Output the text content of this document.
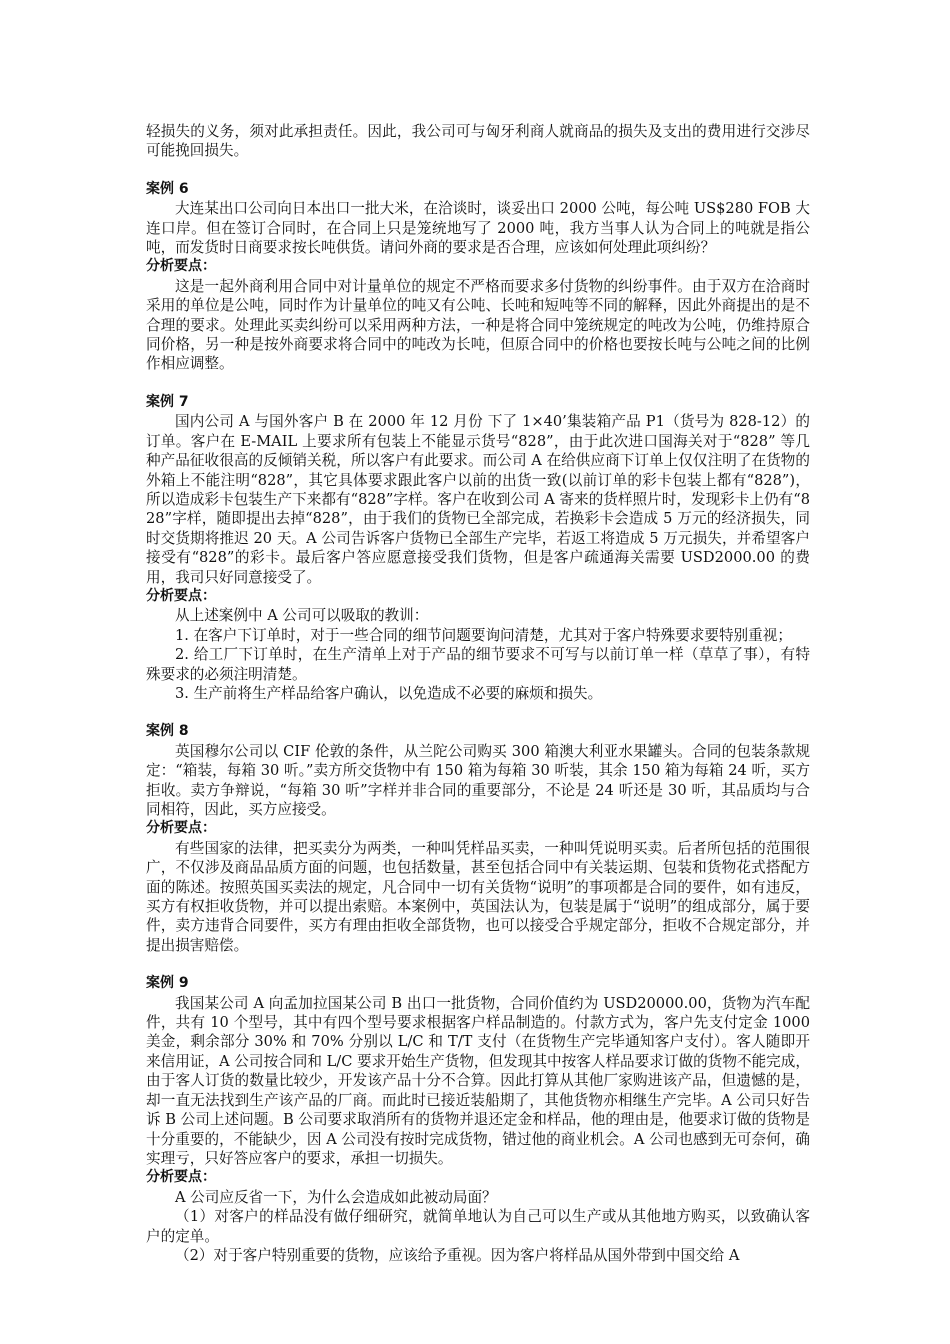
轻损失的义务，须对此承担责任。因此，我公司可与匈牙利商人就商品的损失及支出的费用进行交涉尽可能挽回损失。

案例 6

大连某出口公司向日本出口一批大米，在洽谈时，谈妥出口 2000 公吨，每公吨 US$280 FOB 大连口岸。但在签订合同时，在合同上只是笼统地写了 2000 吨，我方当事人认为合同上的吨就是指公吨，而发货时日商要求按长吨供货。请问外商的要求是否合理，应该如何处理此项纠纷？

分析要点：

这是一起外商利用合同中对计量单位的规定不严格而要求多付货物的纠纷事件。由于双方在洽商时采用的单位是公吨，同时作为计量单位的吨又有公吨、长吨和短吨等不同的解释，因此外商提出的是不合理的要求。处理此买卖纠纷可以采用两种方法，一种是将合同中笼统规定的吨改为公吨，仍维持原合同价格，另一种是按外商要求将合同中的吨改为长吨，但原合同中的价格也要按长吨与公吨之间的比例作相应调整。

案例 7

国内公司 A 与国外客户 B 在 2000 年 12 月份 下了 1×40’集装箱产品 P1（货号为 828-12）的订单。客户在 E-MAIL 上要求所有包装上不能显示货号“828”，由于此次进口国海关对于“828” 等几种产品征收很高的反倾销关税，所以客户有此要求。而公司 A 在给供应商下订单上仅仅注明了在货物的外箱上不能注明“828”，其它具体要求跟此客户以前的出货一致(以前订单的彩卡包装上都有“828”)，所以造成彩卡包装生产下来都有“828”字样。客户在收到公司 A 寄来的货样照片时，发现彩卡上仍有“828”字样，随即提出去掉“828”，由于我们的货物已全部完成，若换彩卡会造成 5 万元的经济损失，同时交货期将推迟 20 天。A 公司告诉客户货物已全部生产完毕，若返工将造成 5 万元损失，并希望客户接受有“828”的彩卡。最后客户答应愿意接受我们货物，但是客户疏通海关需要 USD2000.00 的费用，我司只好同意接受了。

分析要点：

从上述案例中 A 公司可以吸取的教训：

1. 在客户下订单时，对于一些合同的细节问题要询问清楚，尤其对于客户特殊要求要特别重视；

2. 给工厂下订单时，在生产清单上对于产品的细节要求不可写与以前订单一样（草草了事），有特殊要求的必须注明清楚。

3. 生产前将生产样品给客户确认，以免造成不必要的麻烦和损失。

案例 8

英国穆尔公司以 CIF 伦敦的条件，从兰陀公司购买 300 箱澳大利亚水果罐头。合同的包装条款规定：“箱装，每箱 30 听。”卖方所交货物中有 150 箱为每箱 30 听装，其余 150 箱为每箱 24 听，买方拒收。卖方争辩说，“每箱 30 听”字样并非合同的重要部分，不论是 24 听还是 30 听，其品质均与合同相符，因此，买方应接受。

分析要点：

有些国家的法律，把买卖分为两类，一种叫凭样品买卖，一种叫凭说明买卖。后者所包括的范围很广，不仅涉及商品品质方面的问题，也包括数量，甚至包括合同中有关装运期、包装和货物花式搭配方面的陈述。按照英国买卖法的规定，凡合同中一切有关货物“说明”的事项都是合同的要件，如有违反，买方有权拒收货物，并可以提出索赔。本案例中，英国法认为，包装是属于“说明”的组成部分，属于要件，卖方违背合同要件，买方有理由拒收全部货物，也可以接受合乎规定部分，拒收不合规定部分，并提出损害赔偿。

案例 9

我国某公司 A 向孟加拉国某公司 B 出口一批货物，合同价值约为 USD20000.00，货物为汽车配件，共有 10 个型号，其中有四个型号要求根据客户样品制造的。付款方式为，客户先支付定金 1000 美金，剩余部分 30% 和 70% 分别以 L/C 和 T/T 支付（在货物生产完毕通知客户支付）。客人随即开来信用证，A 公司按合同和 L/C 要求开始生产货物，但发现其中按客人样品要求订做的货物不能完成，由于客人订货的数量比较少，开发该产品十分不合算。因此打算从其他厂家购进该产品，但遗憾的是，却一直无法找到生产该产品的厂商。而此时已接近装船期了，其他货物亦相继生产完毕。A 公司只好告诉 B 公司上述问题。B 公司要求取消所有的货物并退还定金和样品，他的理由是，他要求订做的货物是十分重要的，不能缺少，因 A 公司没有按时完成货物，错过他的商业机会。A 公司也感到无可奈何，确实理亏，只好答应客户的要求，承担一切损失。

分析要点：

A 公司应反省一下，为什么会造成如此被动局面？

（1）对客户的样品没有做仔细研究，就简单地认为自己可以生产或从其他地方购买，以致确认客户的定单。

（2）对于客户特别重要的货物，应该给予重视。因为客户将样品从国外带到中国交给 A
